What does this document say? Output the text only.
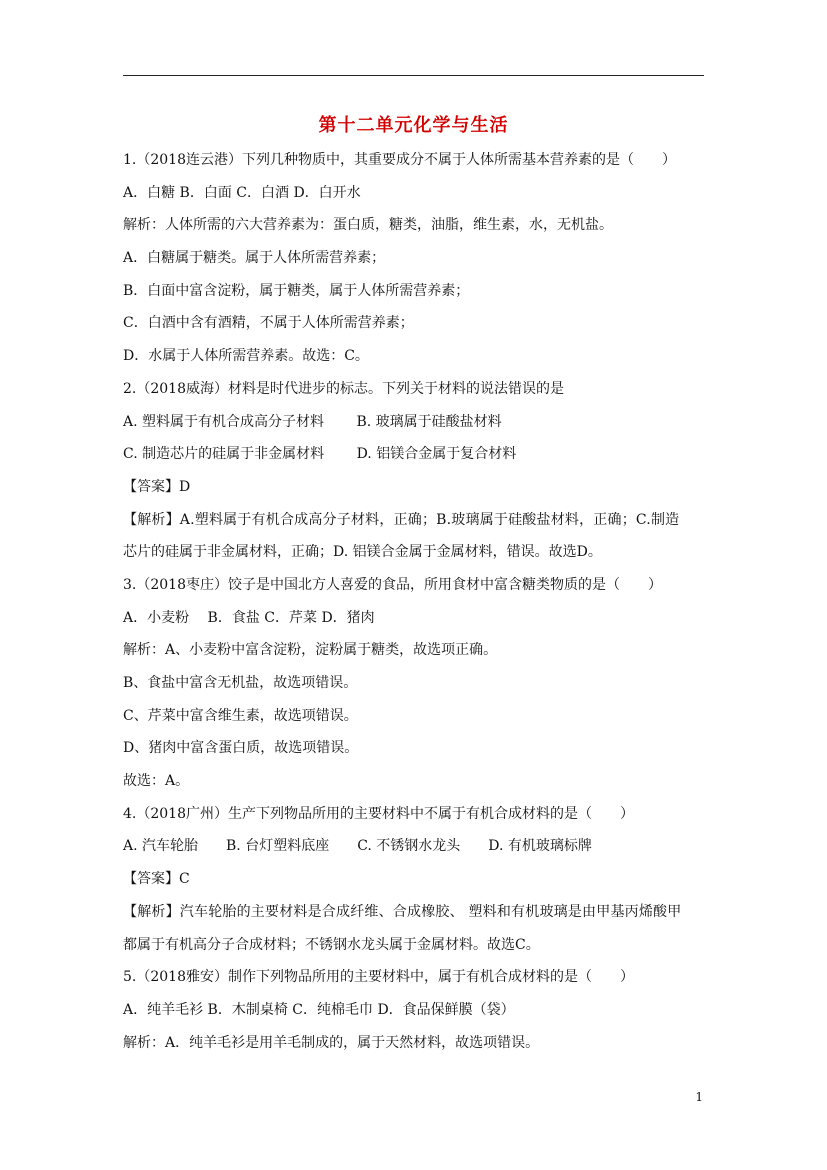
第十二单元化学与生活
1.（2018连云港）下列几种物质中，其重要成分不属于人体所需基本营养素的是（　　）
A．白糖 B．白面 C．白酒 D．白开水
解析：人体所需的六大营养素为：蛋白质，糖类，油脂，维生素，水，无机盐。
A．白糖属于糖类。属于人体所需营养素；
B．白面中富含淀粉，属于糖类，属于人体所需营养素；
C．白酒中含有酒精，不属于人体所需营养素；
D．水属于人体所需营养素。故选：C。
2.（2018威海）材料是时代进步的标志。下列关于材料的说法错误的是
A. 塑料属于有机合成高分子材料　　 B. 玻璃属于硅酸盐材料
C. 制造芯片的硅属于非金属材料　　 D. 铝镁合金属于复合材料
【答案】D
【解析】A.塑料属于有机合成高分子材料，正确；B.玻璃属于硅酸盐材料，正确；C.制造
芯片的硅属于非金属材料，正确；D. 铝镁合金属于金属材料，错误。故选D。
3.（2018枣庄）饺子是中国北方人喜爱的食品，所用食材中富含糖类物质的是（　　）
A．小麦粉　 B．食盐 C．芹菜 D．猪肉
解析：A、小麦粉中富含淀粉，淀粉属于糖类，故选项正确。
B、食盐中富含无机盐，故选项错误。
C、芹菜中富含维生素，故选项错误。
D、猪肉中富含蛋白质，故选项错误。
故选：A。
4.（2018广州）生产下列物品所用的主要材料中不属于有机合成材料的是（　　）
A. 汽车轮胎　　B. 台灯塑料底座　　C. 不锈钢水龙头　　D. 有机玻璃标牌
【答案】C
【解析】汽车轮胎的主要材料是合成纤维、合成橡胶、 塑料和有机玻璃是由甲基丙烯酸甲
都属于有机高分子合成材料；不锈钢水龙头属于金属材料。故选C。
5.（2018雅安）制作下列物品所用的主要材料中，属于有机合成材料的是（　　）
A．纯羊毛衫 B．木制桌椅 C．纯棉毛巾 D．食品保鲜膜（袋）
解析：A．纯羊毛衫是用羊毛制成的，属于天然材料，故选项错误。
1
